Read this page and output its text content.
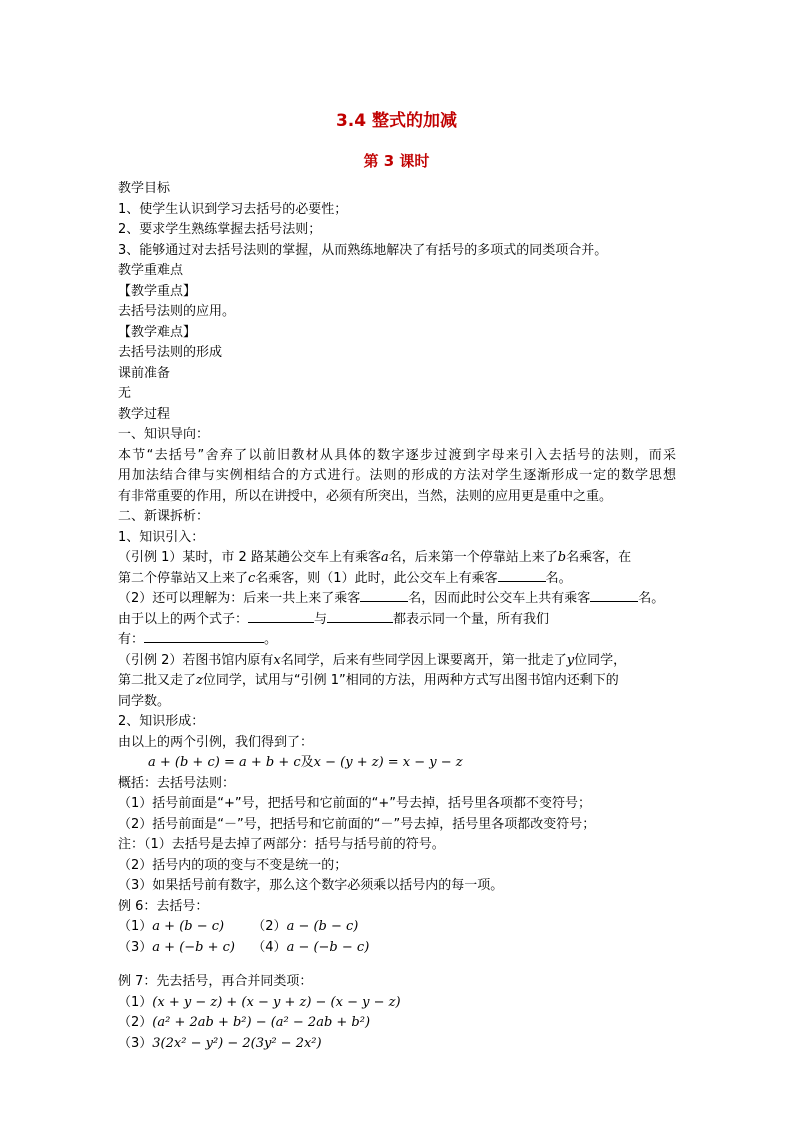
3.4 整式的加减
第 3 课时
教学目标
1、使学生认识到学习去括号的必要性；
2、要求学生熟练掌握去括号法则；
3、能够通过对去括号法则的掌握，从而熟练地解决了有括号的多项式的同类项合并。
教学重难点
【教学重点】
去括号法则的应用。
【教学难点】
去括号法则的形成
课前准备
无
教学过程
一、知识导向：
本节“去括号”舍弃了以前旧教材从具体的数字逐步过渡到字母来引入去括号的法则，而采
用加法结合律与实例相结合的方式进行。法则的形成的方法对学生逐渐形成一定的数学思想
有非常重要的作用，所以在讲授中，必须有所突出，当然，法则的应用更是重中之重。
二、新课拆析：
1、知识引入：
（引例 1）某时，市 2 路某趟公交车上有乘客a名，后来第一个停靠站上来了b名乘客，在
第二个停靠站又上来了c名乘客，则（1）此时，此公交车上有乘客	名。
（2）还可以理解为：后来一共上来了乘客	名，因而此时公交车上共有乘客	名。
由于以上的两个式子：	与	都表示同一个量，所有我们
有：	。
（引例 2）若图书馆内原有x名同学，后来有些同学因上课要离开，第一批走了y位同学，
第二批又走了z位同学，试用与“引例 1”相同的方法，用两种方式写出图书馆内还剩下的
同学数。
2、知识形成：
由以上的两个引例，我们得到了：
a + (b + c) = a + b + c及x − (y + z) = x − y − z
概括：去括号法则：
（1）括号前面是“+”号，把括号和它前面的“+”号去掉，括号里各项都不变符号；
（2）括号前面是“－”号，把括号和它前面的“－”号去掉，括号里各项都改变符号；
注：（1）去括号是去掉了两部分：括号与括号前的符号。
（2）括号内的项的变与不变是统一的；
（3）如果括号前有数字，那么这个数字必须乘以括号内的每一项。
例 6：去括号：
（1）a + (b − c) （2）a − (b − c)
（3）a + (−b + c) （4）a − (−b − c)
例 7：先去括号，再合并同类项：
（1）(x + y − z) + (x − y + z) − (x − y − z)
（2）(a² + 2ab + b²) − (a² − 2ab + b²)
（3）3(2x² − y²) − 2(3y² − 2x²)
